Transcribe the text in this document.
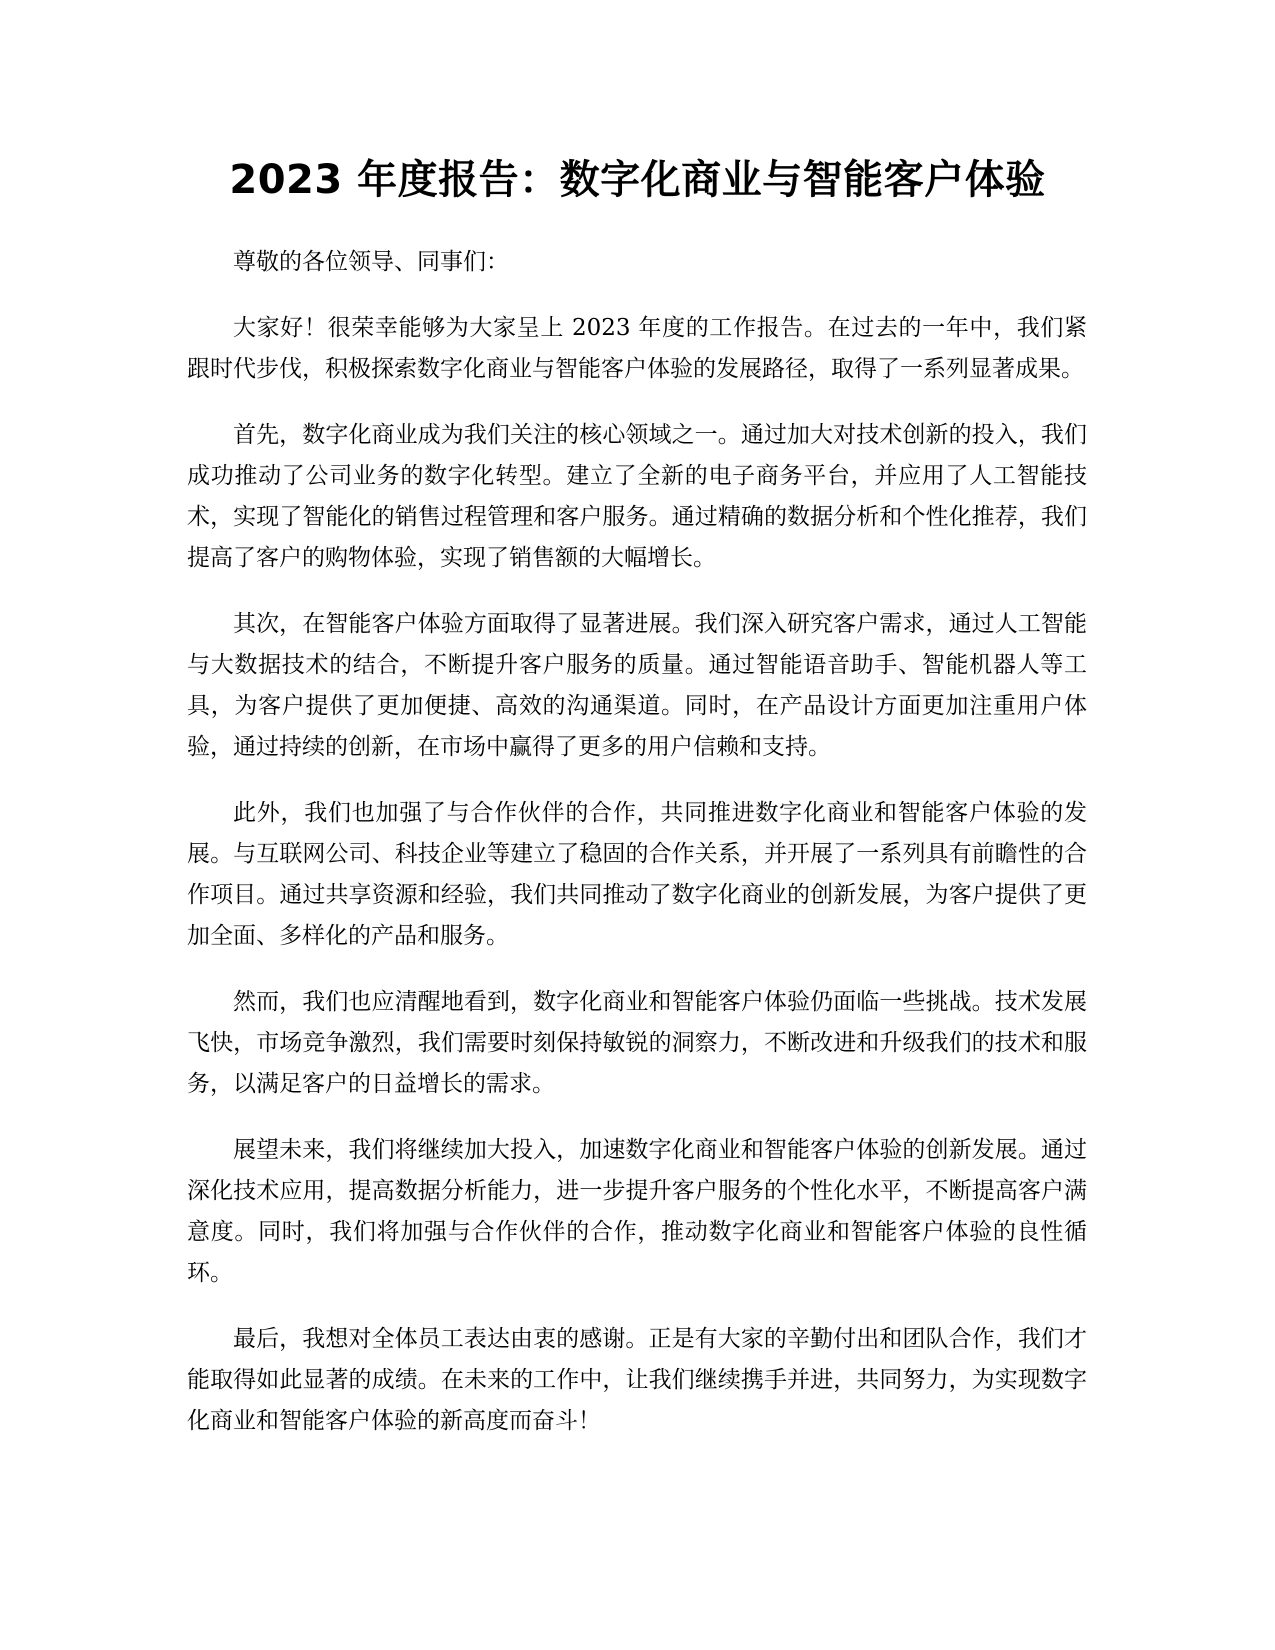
2023 年度报告：数字化商业与智能客户体验

尊敬的各位领导、同事们：

大家好！很荣幸能够为大家呈上 2023 年度的工作报告。在过去的一年中，我们紧跟时代步伐，积极探索数字化商业与智能客户体验的发展路径，取得了一系列显著成果。

首先，数字化商业成为我们关注的核心领域之一。通过加大对技术创新的投入，我们成功推动了公司业务的数字化转型。建立了全新的电子商务平台，并应用了人工智能技术，实现了智能化的销售过程管理和客户服务。通过精确的数据分析和个性化推荐，我们提高了客户的购物体验，实现了销售额的大幅增长。

其次，在智能客户体验方面取得了显著进展。我们深入研究客户需求，通过人工智能与大数据技术的结合，不断提升客户服务的质量。通过智能语音助手、智能机器人等工具，为客户提供了更加便捷、高效的沟通渠道。同时，在产品设计方面更加注重用户体验，通过持续的创新，在市场中赢得了更多的用户信赖和支持。

此外，我们也加强了与合作伙伴的合作，共同推进数字化商业和智能客户体验的发展。与互联网公司、科技企业等建立了稳固的合作关系，并开展了一系列具有前瞻性的合作项目。通过共享资源和经验，我们共同推动了数字化商业的创新发展，为客户提供了更加全面、多样化的产品和服务。

然而，我们也应清醒地看到，数字化商业和智能客户体验仍面临一些挑战。技术发展飞快，市场竞争激烈，我们需要时刻保持敏锐的洞察力，不断改进和升级我们的技术和服务，以满足客户的日益增长的需求。

展望未来，我们将继续加大投入，加速数字化商业和智能客户体验的创新发展。通过深化技术应用，提高数据分析能力，进一步提升客户服务的个性化水平，不断提高客户满意度。同时，我们将加强与合作伙伴的合作，推动数字化商业和智能客户体验的良性循环。

最后，我想对全体员工表达由衷的感谢。正是有大家的辛勤付出和团队合作，我们才能取得如此显著的成绩。在未来的工作中，让我们继续携手并进，共同努力，为实现数字化商业和智能客户体验的新高度而奋斗！
